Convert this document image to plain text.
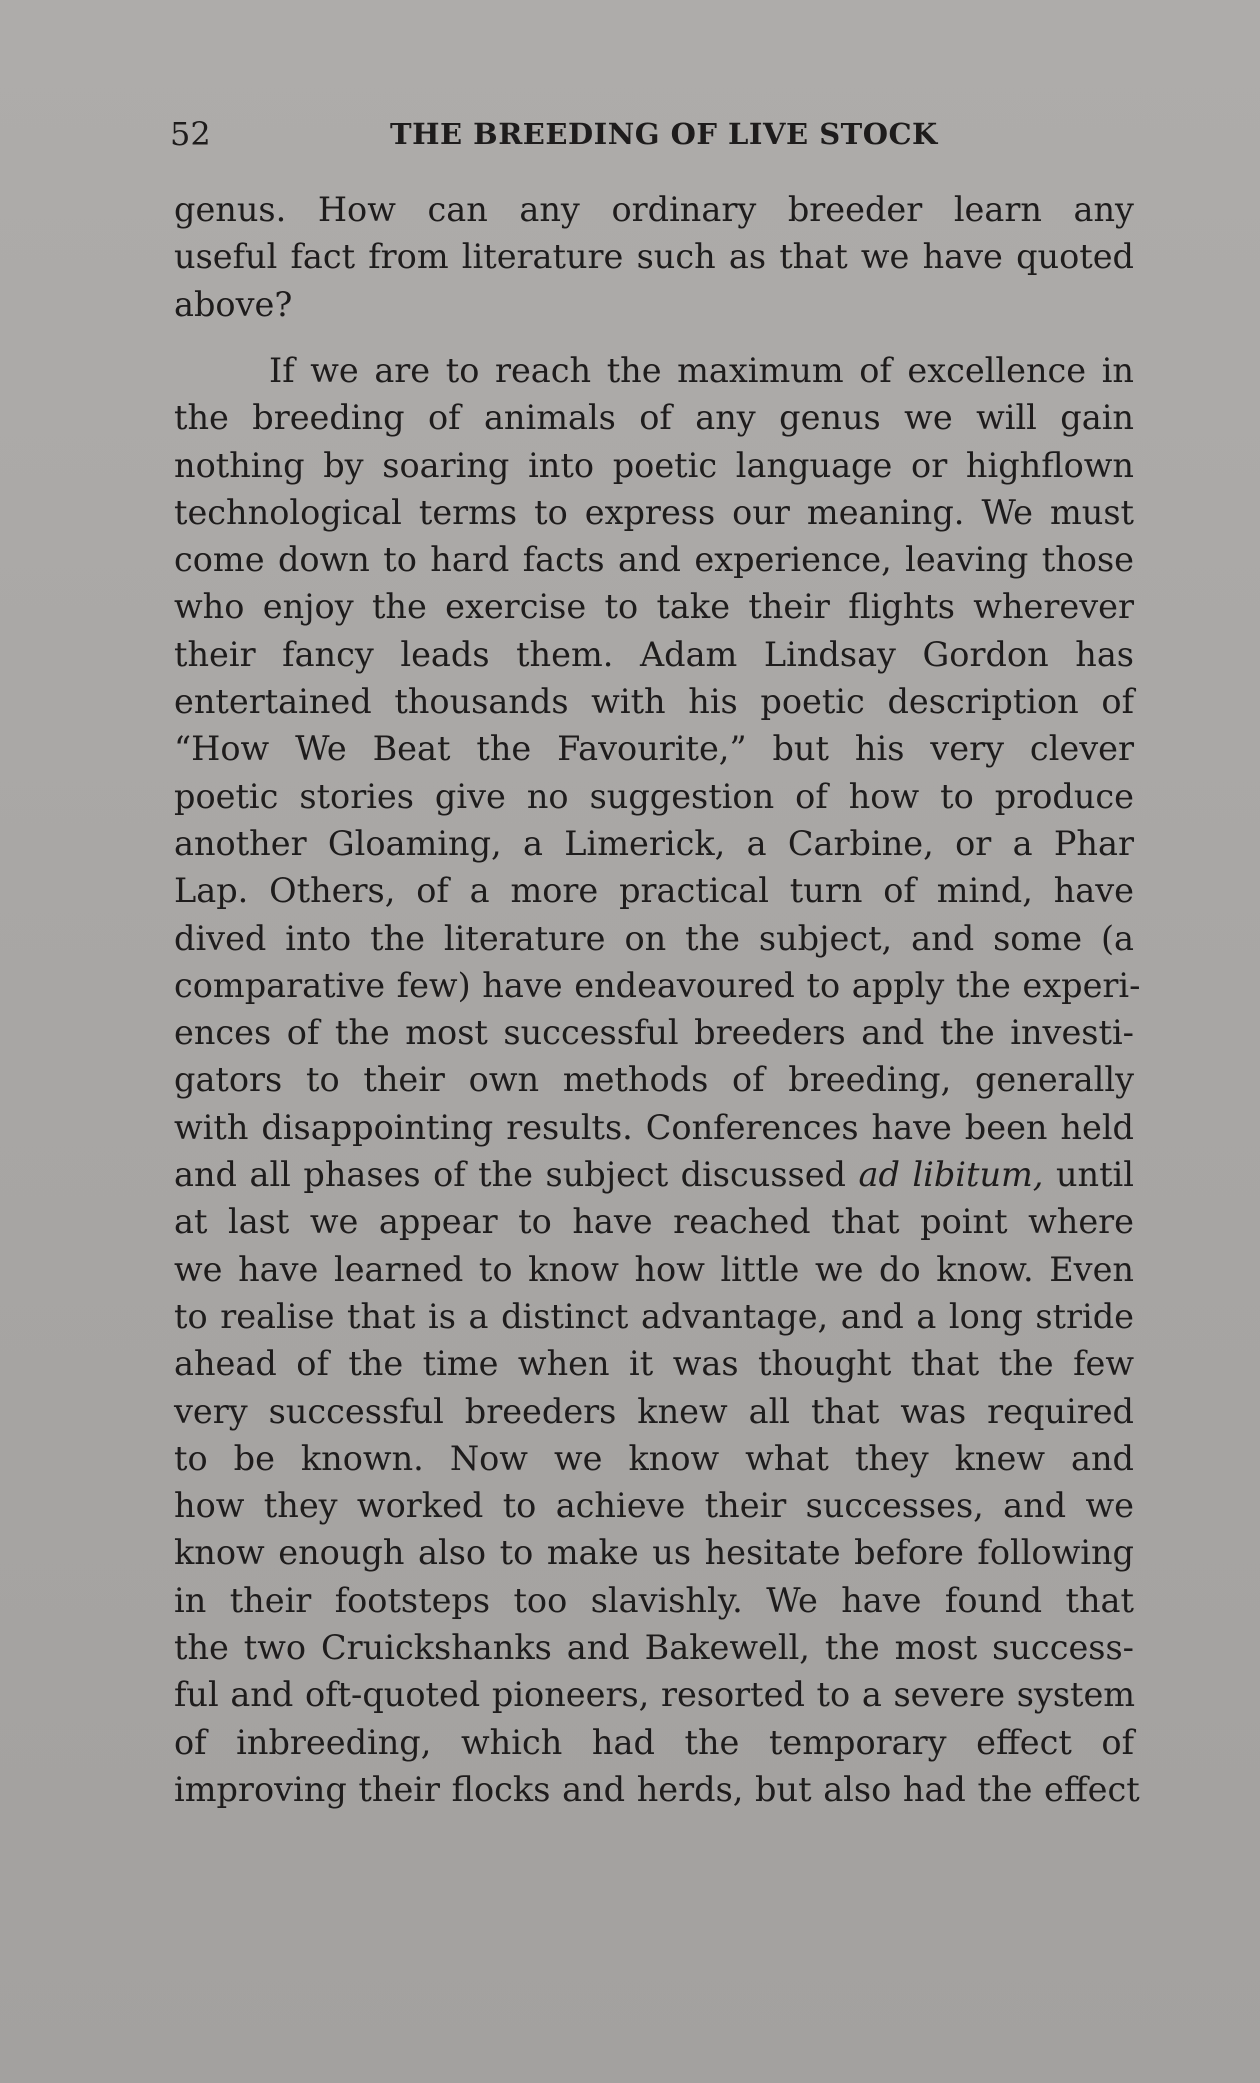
52	THE BREEDING OF LIVE STOCK
genus. How can any ordinary breeder learn any
useful fact from literature such as that we have quoted
above?
If we are to reach the maximum of excellence in
the breeding of animals of any genus we will gain
nothing by soaring into poetic language or highflown
technological terms to express our meaning. We must
come down to hard facts and experience, leaving those
who enjoy the exercise to take their flights wherever
their fancy leads them. Adam Lindsay Gordon has
entertained thousands with his poetic description of
“How We Beat the Favourite,” but his very clever
poetic stories give no suggestion of how to produce
another Gloaming, a Limerick, a Carbine, or a Phar
Lap. Others, of a more practical turn of mind, have
dived into the literature on the subject, and some (a
comparative few) have endeavoured to apply the experi-
ences of the most successful breeders and the investi-
gators to their own methods of breeding, generally
with disappointing results. Conferences have been held
and all phases of the subject discussed ad libitum, until
at last we appear to have reached that point where
we have learned to know how little we do know. Even
to realise that is a distinct advantage, and a long stride
ahead of the time when it was thought that the few
very successful breeders knew all that was required
to be known. Now we know what they knew and
how they worked to achieve their successes, and we
know enough also to make us hesitate before following
in their footsteps too slavishly. We have found that
the two Cruickshanks and Bakewell, the most success-
ful and oft-quoted pioneers, resorted to a severe system
of inbreeding, which had the temporary effect of
improving their flocks and herds, but also had the effect
